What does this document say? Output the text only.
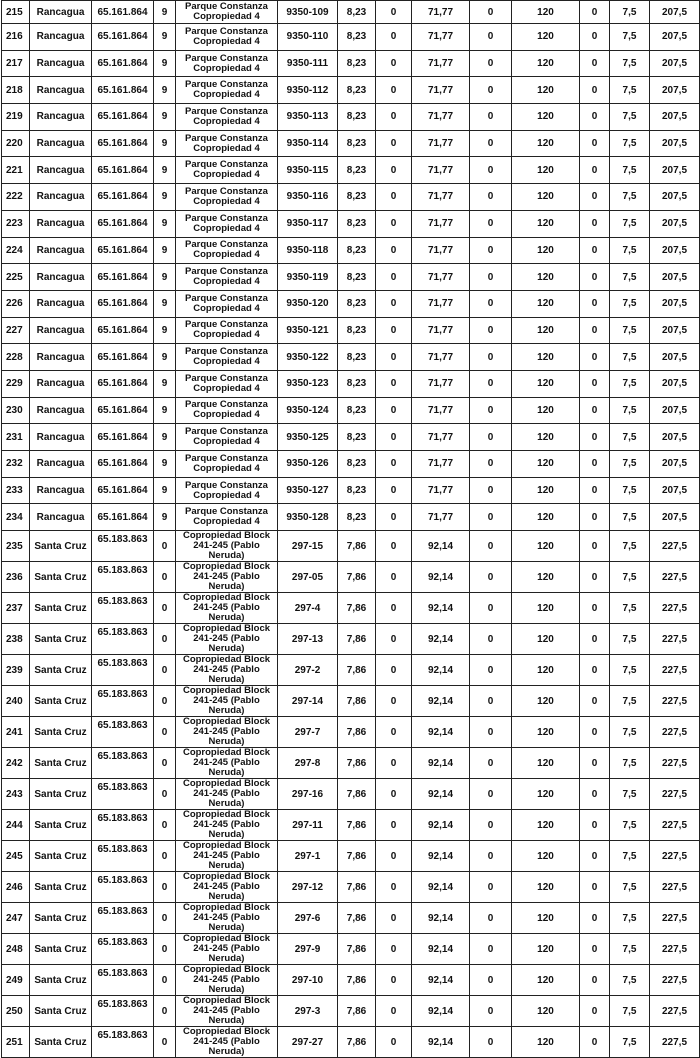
215	Rancagua	65.161.864	9	Parque Constanza Copropiedad 4	9350-109	8,23	0	71,77	0	120	0	7,5	207,5
216	Rancagua	65.161.864	9	Parque Constanza Copropiedad 4	9350-110	8,23	0	71,77	0	120	0	7,5	207,5
217	Rancagua	65.161.864	9	Parque Constanza Copropiedad 4	9350-111	8,23	0	71,77	0	120	0	7,5	207,5
218	Rancagua	65.161.864	9	Parque Constanza Copropiedad 4	9350-112	8,23	0	71,77	0	120	0	7,5	207,5
219	Rancagua	65.161.864	9	Parque Constanza Copropiedad 4	9350-113	8,23	0	71,77	0	120	0	7,5	207,5
220	Rancagua	65.161.864	9	Parque Constanza Copropiedad 4	9350-114	8,23	0	71,77	0	120	0	7,5	207,5
221	Rancagua	65.161.864	9	Parque Constanza Copropiedad 4	9350-115	8,23	0	71,77	0	120	0	7,5	207,5
222	Rancagua	65.161.864	9	Parque Constanza Copropiedad 4	9350-116	8,23	0	71,77	0	120	0	7,5	207,5
223	Rancagua	65.161.864	9	Parque Constanza Copropiedad 4	9350-117	8,23	0	71,77	0	120	0	7,5	207,5
224	Rancagua	65.161.864	9	Parque Constanza Copropiedad 4	9350-118	8,23	0	71,77	0	120	0	7,5	207,5
225	Rancagua	65.161.864	9	Parque Constanza Copropiedad 4	9350-119	8,23	0	71,77	0	120	0	7,5	207,5
226	Rancagua	65.161.864	9	Parque Constanza Copropiedad 4	9350-120	8,23	0	71,77	0	120	0	7,5	207,5
227	Rancagua	65.161.864	9	Parque Constanza Copropiedad 4	9350-121	8,23	0	71,77	0	120	0	7,5	207,5
228	Rancagua	65.161.864	9	Parque Constanza Copropiedad 4	9350-122	8,23	0	71,77	0	120	0	7,5	207,5
229	Rancagua	65.161.864	9	Parque Constanza Copropiedad 4	9350-123	8,23	0	71,77	0	120	0	7,5	207,5
230	Rancagua	65.161.864	9	Parque Constanza Copropiedad 4	9350-124	8,23	0	71,77	0	120	0	7,5	207,5
231	Rancagua	65.161.864	9	Parque Constanza Copropiedad 4	9350-125	8,23	0	71,77	0	120	0	7,5	207,5
232	Rancagua	65.161.864	9	Parque Constanza Copropiedad 4	9350-126	8,23	0	71,77	0	120	0	7,5	207,5
233	Rancagua	65.161.864	9	Parque Constanza Copropiedad 4	9350-127	8,23	0	71,77	0	120	0	7,5	207,5
234	Rancagua	65.161.864	9	Parque Constanza Copropiedad 4	9350-128	8,23	0	71,77	0	120	0	7,5	207,5
235	Santa Cruz	65.183.863	0	Copropiedad Block 241-245 (Pablo Neruda)	297-15	7,86	0	92,14	0	120	0	7,5	227,5
236	Santa Cruz	65.183.863	0	Copropiedad Block 241-245 (Pablo Neruda)	297-05	7,86	0	92,14	0	120	0	7,5	227,5
237	Santa Cruz	65.183.863	0	Copropiedad Block 241-245 (Pablo Neruda)	297-4	7,86	0	92,14	0	120	0	7,5	227,5
238	Santa Cruz	65.183.863	0	Copropiedad Block 241-245 (Pablo Neruda)	297-13	7,86	0	92,14	0	120	0	7,5	227,5
239	Santa Cruz	65.183.863	0	Copropiedad Block 241-245 (Pablo Neruda)	297-2	7,86	0	92,14	0	120	0	7,5	227,5
240	Santa Cruz	65.183.863	0	Copropiedad Block 241-245 (Pablo Neruda)	297-14	7,86	0	92,14	0	120	0	7,5	227,5
241	Santa Cruz	65.183.863	0	Copropiedad Block 241-245 (Pablo Neruda)	297-7	7,86	0	92,14	0	120	0	7,5	227,5
242	Santa Cruz	65.183.863	0	Copropiedad Block 241-245 (Pablo Neruda)	297-8	7,86	0	92,14	0	120	0	7,5	227,5
243	Santa Cruz	65.183.863	0	Copropiedad Block 241-245 (Pablo Neruda)	297-16	7,86	0	92,14	0	120	0	7,5	227,5
244	Santa Cruz	65.183.863	0	Copropiedad Block 241-245 (Pablo Neruda)	297-11	7,86	0	92,14	0	120	0	7,5	227,5
245	Santa Cruz	65.183.863	0	Copropiedad Block 241-245 (Pablo Neruda)	297-1	7,86	0	92,14	0	120	0	7,5	227,5
246	Santa Cruz	65.183.863	0	Copropiedad Block 241-245 (Pablo Neruda)	297-12	7,86	0	92,14	0	120	0	7,5	227,5
247	Santa Cruz	65.183.863	0	Copropiedad Block 241-245 (Pablo Neruda)	297-6	7,86	0	92,14	0	120	0	7,5	227,5
248	Santa Cruz	65.183.863	0	Copropiedad Block 241-245 (Pablo Neruda)	297-9	7,86	0	92,14	0	120	0	7,5	227,5
249	Santa Cruz	65.183.863	0	Copropiedad Block 241-245 (Pablo Neruda)	297-10	7,86	0	92,14	0	120	0	7,5	227,5
250	Santa Cruz	65.183.863	0	Copropiedad Block 241-245 (Pablo Neruda)	297-3	7,86	0	92,14	0	120	0	7,5	227,5
251	Santa Cruz	65.183.863	0	Copropiedad Block 241-245 (Pablo Neruda)	297-27	7,86	0	92,14	0	120	0	7,5	227,5
